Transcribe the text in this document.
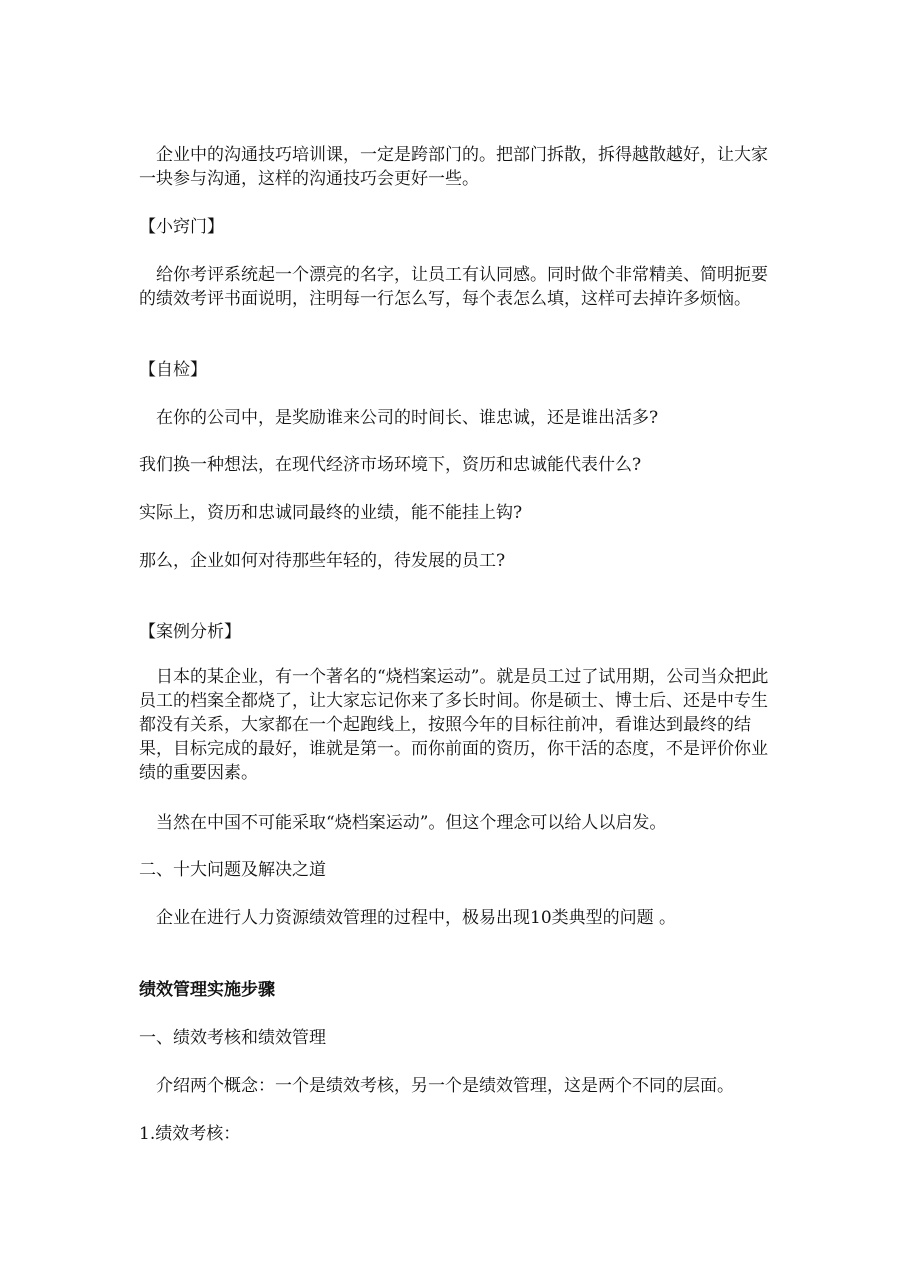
企业中的沟通技巧培训课，一定是跨部门的。把部门拆散，拆得越散越好，让大家一块参与沟通，这样的沟通技巧会更好一些。

【小窍门】

给你考评系统起一个漂亮的名字，让员工有认同感。同时做个非常精美、简明扼要的绩效考评书面说明，注明每一行怎么写，每个表怎么填，这样可去掉许多烦恼。

【自检】

在你的公司中，是奖励谁来公司的时间长、谁忠诚，还是谁出活多?

我们换一种想法，在现代经济市场环境下，资历和忠诚能代表什么?

实际上，资历和忠诚同最终的业绩，能不能挂上钩?

那么，企业如何对待那些年轻的，待发展的员工?

【案例分析】

日本的某企业，有一个著名的“烧档案运动”。就是员工过了试用期，公司当众把此员工的档案全都烧了，让大家忘记你来了多长时间。你是硕士、博士后、还是中专生都没有关系，大家都在一个起跑线上，按照今年的目标往前冲，看谁达到最终的结果，目标完成的最好，谁就是第一。而你前面的资历，你干活的态度，不是评价你业绩的重要因素。

当然在中国不可能采取“烧档案运动”。但这个理念可以给人以启发。

二、十大问题及解决之道

企业在进行人力资源绩效管理的过程中，极易出现10类典型的问题 。

绩效管理实施步骤

一、绩效考核和绩效管理

介绍两个概念：一个是绩效考核，另一个是绩效管理，这是两个不同的层面。

1.绩效考核：
